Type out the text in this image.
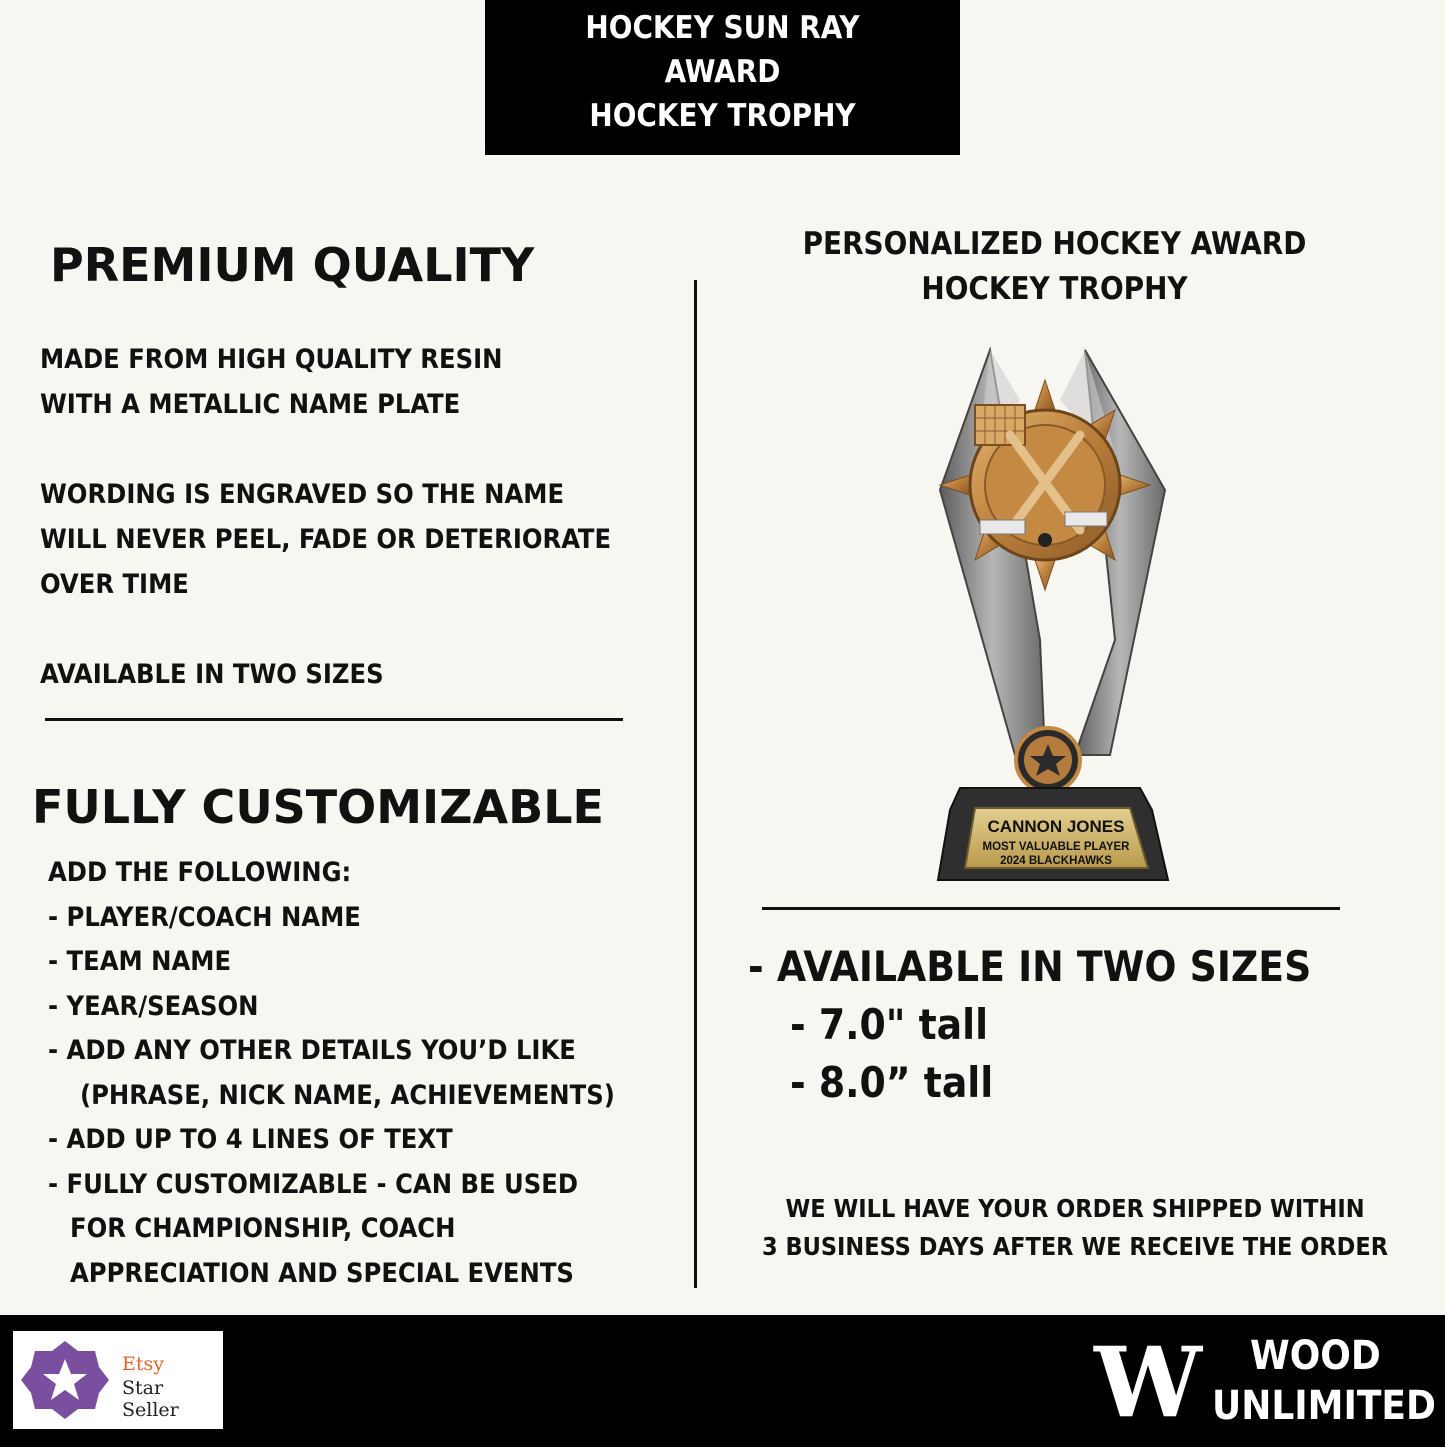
HOCKEY SUN RAY
AWARD
HOCKEY TROPHY
PREMIUM QUALITY
MADE FROM HIGH QUALITY RESIN
WITH A METALLIC NAME PLATE
WORDING IS ENGRAVED SO THE NAME
WILL NEVER PEEL, FADE OR DETERIORATE
OVER TIME
AVAILABLE IN TWO SIZES
FULLY CUSTOMIZABLE
ADD THE FOLLOWING:
- PLAYER/COACH NAME
- TEAM NAME
- YEAR/SEASON
- ADD ANY OTHER DETAILS YOU’D LIKE
(PHRASE, NICK NAME, ACHIEVEMENTS)
- ADD UP TO 4 LINES OF TEXT
- FULLY CUSTOMIZABLE - CAN BE USED
FOR CHAMPIONSHIP, COACH
APPRECIATION AND SPECIAL EVENTS
PERSONALIZED HOCKEY AWARD
HOCKEY TROPHY
CANNON JONES
MOST VALUABLE PLAYER
2024 BLACKHAWKS
- AVAILABLE IN TWO SIZES
- 7.0" tall
- 8.0” tall
WE WILL HAVE YOUR ORDER SHIPPED WITHIN
3 BUSINESS DAYS AFTER WE RECEIVE THE ORDER
Etsy
Star Seller	W WOOD
UNLIMITED
